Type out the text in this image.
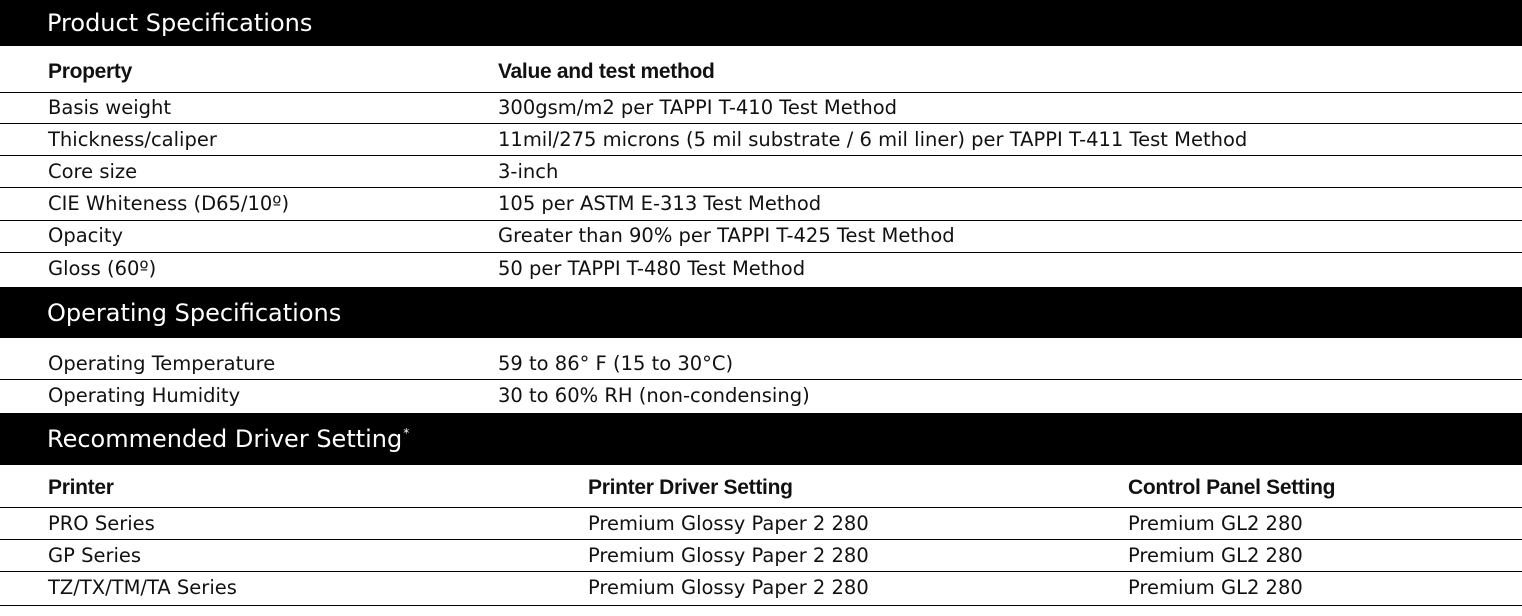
Product Specifications
Property	Value and test method
Basis weight	300gsm/m2 per TAPPI T-410 Test Method
Thickness/caliper	11mil/275 microns (5 mil substrate / 6 mil liner) per TAPPI T-411 Test Method
Core size	3-inch
CIE Whiteness (D65/10º)	105 per ASTM E-313 Test Method
Opacity	Greater than 90% per TAPPI T-425 Test Method
Gloss (60º)	50 per TAPPI T-480 Test Method
Operating Specifications
Operating Temperature	59 to 86° F (15 to 30°C)
Operating Humidity	30 to 60% RH (non-condensing)
Recommended Driver Setting*
Printer	Printer Driver Setting	Control Panel Setting
PRO Series	Premium Glossy Paper 2 280	Premium GL2 280
GP Series	Premium Glossy Paper 2 280	Premium GL2 280
TZ/TX/TM/TA Series	Premium Glossy Paper 2 280	Premium GL2 280
